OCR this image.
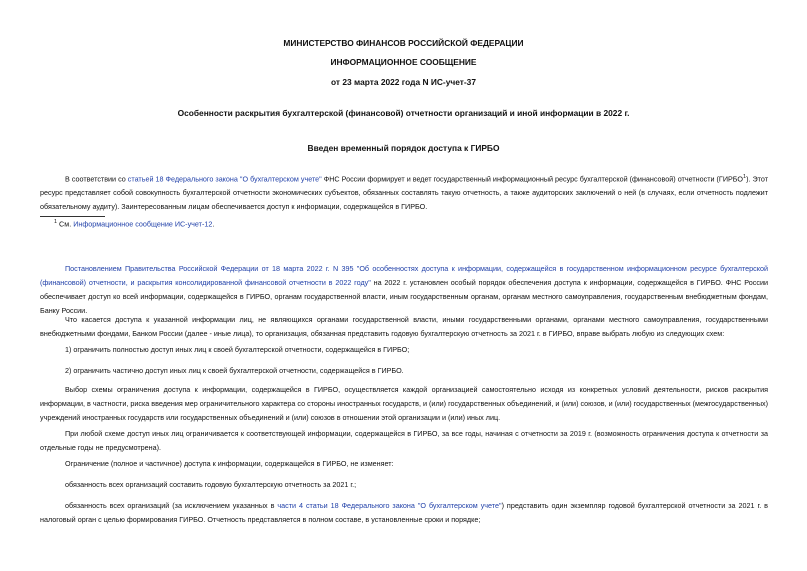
МИНИСТЕРСТВО ФИНАНСОВ РОССИЙСКОЙ ФЕДЕРАЦИИ
ИНФОРМАЦИОННОЕ СООБЩЕНИЕ
от 23 марта 2022 года N ИС-учет-37
Особенности раскрытия бухгалтерской (финансовой) отчетности организаций и иной информации в 2022 г.
Введен временный порядок доступа к ГИРБО

В соответствии со статьей 18 Федерального закона "О бухгалтерском учете" ФНС России формирует и ведет государственный информационный ресурс бухгалтерской (финансовой) отчетности (ГИРБО$^1$). Этот ресурс представляет собой совокупность бухгалтерской отчетности экономических субъектов, обязанных составлять такую отчетность, а также аудиторских заключений о ней (в случаях, если отчетность подлежит обязательному аудиту). Заинтересованным лицам обеспечивается доступ к информации, содержащейся в ГИРБО.

$^1$ См. Информационное сообщение ИС-учет-12.

Постановлением Правительства Российской Федерации от 18 марта 2022 г. N 395 "Об особенностях доступа к информации, содержащейся в государственном информационном ресурсе бухгалтерской (финансовой) отчетности, и раскрытия консолидированной финансовой отчетности в 2022 году" на 2022 г. установлен особый порядок обеспечения доступа к информации, содержащейся в ГИРБО. ФНС России обеспечивает доступ ко всей информации, содержащейся в ГИРБО, органам государственной власти, иным государственным органам, органам местного самоуправления, государственным внебюджетным фондам, Банку России.

Что касается доступа к указанной информации лиц, не являющихся органами государственной власти, иными государственными органами, органами местного самоуправления, государственными внебюджетными фондами, Банком России (далее - иные лица), то организация, обязанная представить годовую бухгалтерскую отчетность за 2021 г. в ГИРБО, вправе выбрать любую из следующих схем:

1) ограничить полностью доступ иных лиц к своей бухгалтерской отчетности, содержащейся в ГИРБО;

2) ограничить частично доступ иных лиц к своей бухгалтерской отчетности, содержащейся в ГИРБО.

Выбор схемы ограничения доступа к информации, содержащейся в ГИРБО, осуществляется каждой организацией самостоятельно исходя из конкретных условий деятельности, рисков раскрытия информации, в частности, риска введения мер ограничительного характера со стороны иностранных государств, и (или) государственных объединений, и (или) союзов, и (или) государственных (межгосударственных) учреждений иностранных государств или государственных объединений и (или) союзов в отношении этой организации и (или) иных лиц.

При любой схеме доступ иных лиц ограничивается к соответствующей информации, содержащейся в ГИРБО, за все годы, начиная с отчетности за 2019 г. (возможность ограничения доступа к отчетности за отдельные годы не предусмотрена).

Ограничение (полное и частичное) доступа к информации, содержащейся в ГИРБО, не изменяет:

обязанность всех организаций составить годовую бухгалтерскую отчетность за 2021 г.;

обязанность всех организаций (за исключением указанных в части 4 статьи 18 Федерального закона "О бухгалтерском учете") представить один экземпляр годовой бухгалтерской отчетности за 2021 г. в налоговый орган с целью формирования ГИРБО. Отчетность представляется в полном составе, в установленные сроки и порядке;
